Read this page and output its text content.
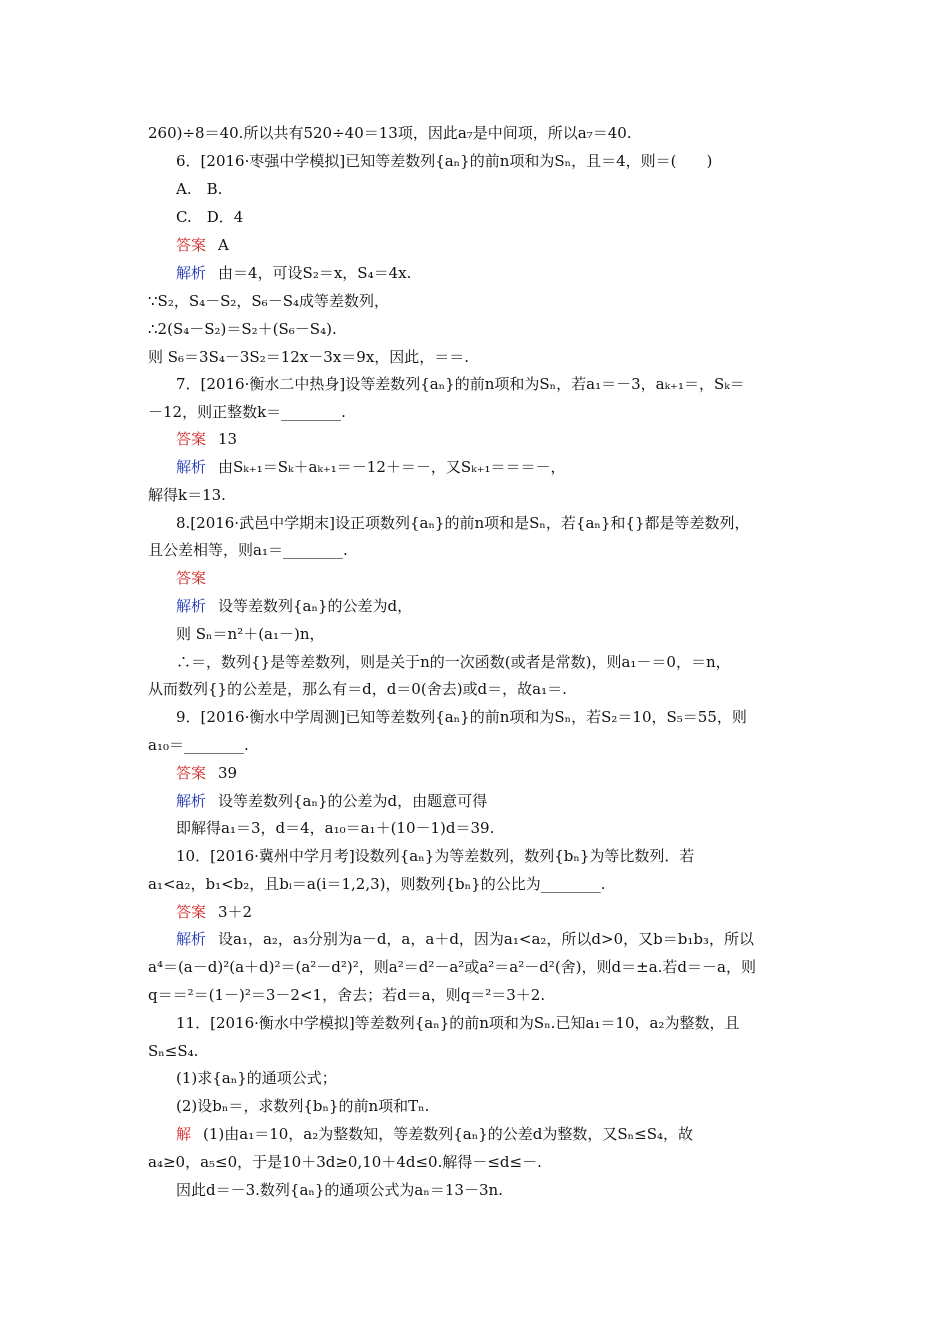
260)÷8＝40.所以共有520÷40＝13项，因此a₇是中间项，所以a₇＝40.
6．[2016·枣强中学模拟]已知等差数列{aₙ}的前n项和为Sₙ，且＝4，则＝(　　)
A.　B.
C.　D．4
答案 A
解析 由＝4，可设S₂＝x，S₄＝4x.
∵S₂，S₄－S₂，S₆－S₄成等差数列，
∴2(S₄－S₂)＝S₂＋(S₆－S₄).
则 S₆＝3S₄－3S₂＝12x－3x＝9x，因此，＝＝.
7．[2016·衡水二中热身]设等差数列{aₙ}的前n项和为Sₙ，若a₁＝－3，aₖ₊₁＝，Sₖ＝
－12，则正整数k＝________.
答案 13
解析 由Sₖ₊₁＝Sₖ＋aₖ₊₁＝－12＋＝－，又Sₖ₊₁＝＝＝－，
解得k＝13.
8.[2016·武邑中学期末]设正项数列{aₙ}的前n项和是Sₙ，若{aₙ}和{}都是等差数列，
且公差相等，则a₁＝________.
答案
解析 设等差数列{aₙ}的公差为d，
则 Sₙ＝n²＋(a₁－)n，
∴＝，数列{}是等差数列，则是关于n的一次函数(或者是常数)，则a₁－＝0，＝n，
从而数列{}的公差是，那么有＝d，d＝0(舍去)或d＝，故a₁＝.
9．[2016·衡水中学周测]已知等差数列{aₙ}的前n项和为Sₙ，若S₂＝10，S₅＝55，则
a₁₀＝________.
答案 39
解析 设等差数列{aₙ}的公差为d，由题意可得
即解得a₁＝3，d＝4，a₁₀＝a₁＋(10－1)d＝39.
10．[2016·冀州中学月考]设数列{aₙ}为等差数列，数列{bₙ}为等比数列．若
a₁<a₂，b₁<b₂，且bᵢ＝a(i＝1,2,3)，则数列{bₙ}的公比为________.
答案 3＋2
解析 设a₁，a₂，a₃分别为a－d，a，a＋d，因为a₁<a₂，所以d>0，又b＝b₁b₃，所以
a⁴＝(a－d)²(a＋d)²＝(a²－d²)²，则a²＝d²－a²或a²＝a²－d²(舍)，则d＝±a.若d＝－a，则
q＝＝²＝(1－)²＝3－2<1，舍去；若d＝a，则q＝²＝3＋2.
11．[2016·衡水中学模拟]等差数列{aₙ}的前n项和为Sₙ.已知a₁＝10，a₂为整数，且
Sₙ≤S₄.
(1)求{aₙ}的通项公式；
(2)设bₙ＝，求数列{bₙ}的前n项和Tₙ.
解 (1)由a₁＝10，a₂为整数知，等差数列{aₙ}的公差d为整数，又Sₙ≤S₄，故
a₄≥0，a₅≤0，于是10＋3d≥0,10＋4d≤0.解得－≤d≤－.
因此d＝－3.数列{aₙ}的通项公式为aₙ＝13－3n.
